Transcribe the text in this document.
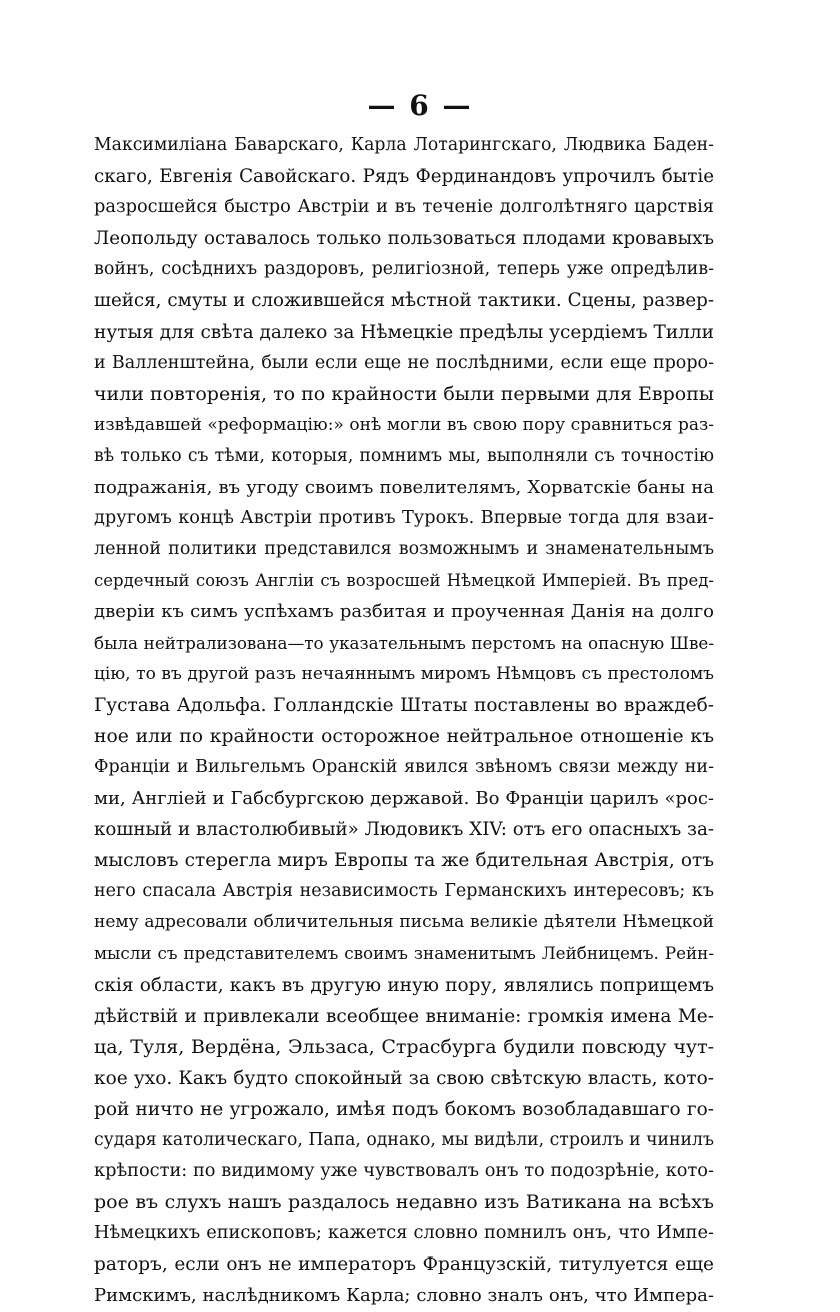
— 6 —
Максимиліана Баварскаго, Карла Лотарингскаго, Людвика Баден-
скаго, Евгенія Савойскаго. Рядъ Фердинандовъ упрочилъ бытіе
разросшейся быстро Австріи и въ теченіе долголѣтняго царствія
Леопольду оставалось только пользоваться плодами кровавыхъ
войнъ, сосѣднихъ раздоровъ, религіозной, теперь уже опредѣлив-
шейся, смуты и сложившейся мѣстной тактики. Сцены, развер-
нутыя для свѣта далеко за Нѣмецкіе предѣлы усердіемъ Тилли
и Валленштейна, были если еще не послѣдними, если еще проро-
чили повторенія, то по крайности были первыми для Европы
извѣдавшей «реформацію:» онѣ могли въ свою пору сравниться раз-
вѣ только съ тѣми, которыя, помнимъ мы, выполняли съ точностію
подражанія, въ угоду своимъ повелителямъ, Хорватскіе баны на
другомъ концѣ Австріи противъ Турокъ. Впервые тогда для взаи-
ленной политики представился возможнымъ и знаменательнымъ
сердечный союзъ Англіи съ возросшей Нѣмецкой Имперіей. Въ пред-
дверіи къ симъ успѣхамъ разбитая и проученная Данія на долго
была нейтрализована—то указательнымъ перстомъ на опасную Шве-
цію, то въ другой разъ нечаяннымъ миромъ Нѣмцовъ съ престоломъ
Густава Адольфа. Голландскіе Штаты поставлены во враждеб-
ное или по крайности осторожное нейтральное отношеніе къ
Франціи и Вильгельмъ Оранскій явился звѣномъ связи между ни-
ми, Англіей и Габсбургскою державой. Во Франціи царилъ «рос-
кошный и властолюбивый» Людовикъ XIV: отъ его опасныхъ за-
мысловъ стерегла миръ Европы та же бдительная Австрія, отъ
него спасала Австрія независимость Германскихъ интересовъ; къ
нему адресовали обличительныя письма великіе дѣятели Нѣмецкой
мысли съ представителемъ своимъ знаменитымъ Лейбницемъ. Рейн-
скія области, какъ въ другую иную пору, являлись поприщемъ
дѣйствій и привлекали всеобщее вниманіе: громкія имена Ме-
ца, Туля, Вердёна, Эльзаса, Страсбурга будили повсюду чут-
кое ухо. Какъ будто спокойный за свою свѣтскую власть, кото-
рой ничто не угрожало, имѣя подъ бокомъ возобладавшаго го-
сударя католическаго, Папа, однако, мы видѣли, строилъ и чинилъ
крѣпости: по видимому уже чувствовалъ онъ то подозрѣніе, кото-
рое въ слухъ нашъ раздалось недавно изъ Ватикана на всѣхъ
Нѣмецкихъ епископовъ; кажется словно помнилъ онъ, что Импе-
раторъ, если онъ не императоръ Французскій, титулуется еще
Римскимъ, наслѣдникомъ Карла; словно зналъ онъ, что Импера-
